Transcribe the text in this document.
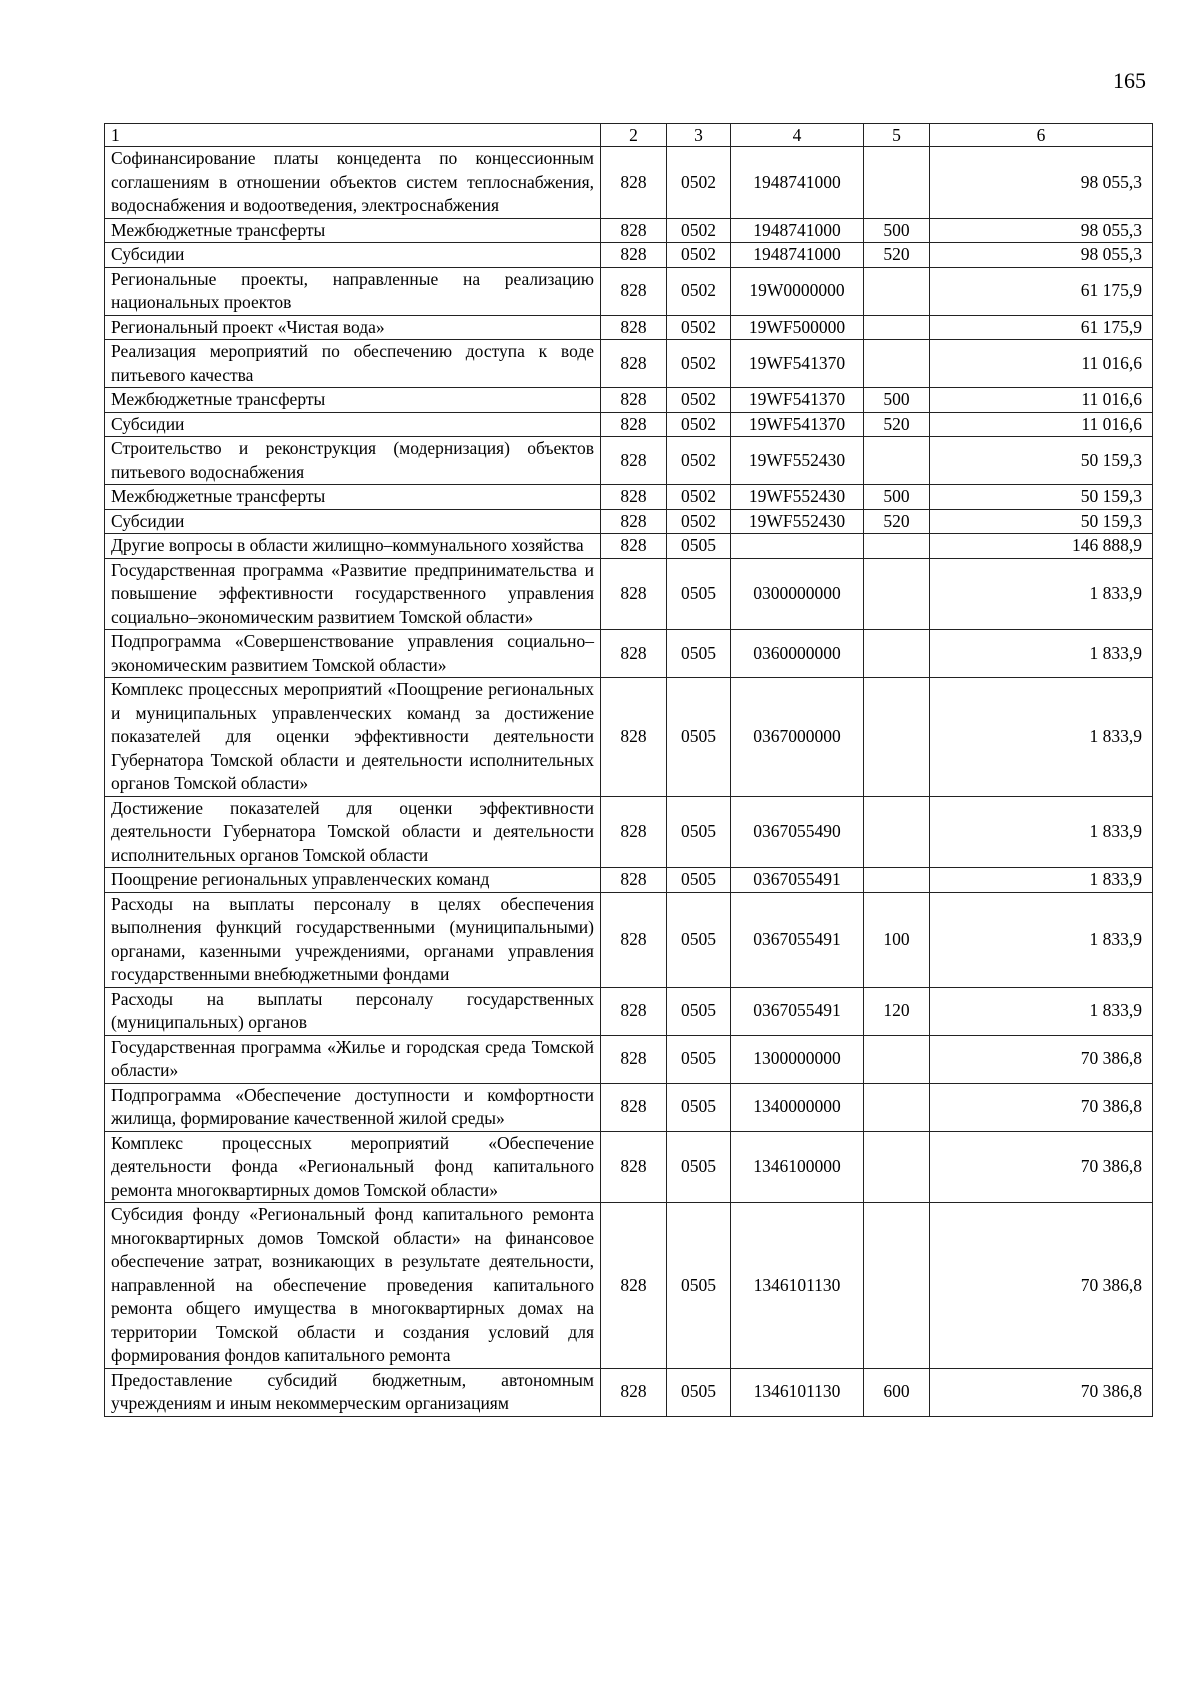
165
1	2	3	4	5	6
Софинансирование платы концедента по концессионным соглашениям в отношении объектов систем теплоснабжения, водоснабжения и водоотведения, электроснабжения	828	0502	1948741000		98 055,3
Межбюджетные трансферты	828	0502	1948741000	500	98 055,3
Субсидии	828	0502	1948741000	520	98 055,3
Региональные проекты, направленные на реализацию национальных проектов	828	0502	19W0000000		61 175,9
Региональный проект «Чистая вода»	828	0502	19WF500000		61 175,9
Реализация мероприятий по обеспечению доступа к воде питьевого качества	828	0502	19WF541370		11 016,6
Межбюджетные трансферты	828	0502	19WF541370	500	11 016,6
Субсидии	828	0502	19WF541370	520	11 016,6
Строительство и реконструкция (модернизация) объектов питьевого водоснабжения	828	0502	19WF552430		50 159,3
Межбюджетные трансферты	828	0502	19WF552430	500	50 159,3
Субсидии	828	0502	19WF552430	520	50 159,3
Другие вопросы в области жилищно–коммунального хозяйства	828	0505			146 888,9
Государственная программа «Развитие предпринимательства и повышение эффективности государственного управления социально–экономическим развитием Томской области»	828	0505	0300000000		1 833,9
Подпрограмма «Совершенствование управления социально–экономическим развитием Томской области»	828	0505	0360000000		1 833,9
Комплекс процессных мероприятий «Поощрение региональных и муниципальных управленческих команд за достижение показателей для оценки эффективности деятельности Губернатора Томской области и деятельности исполнительных органов Томской области»	828	0505	0367000000		1 833,9
Достижение показателей для оценки эффективности деятельности Губернатора Томской области и деятельности исполнительных органов Томской области	828	0505	0367055490		1 833,9
Поощрение региональных управленческих команд	828	0505	0367055491		1 833,9
Расходы на выплаты персоналу в целях обеспечения выполнения функций государственными (муниципальными) органами, казенными учреждениями, органами управления государственными внебюджетными фондами	828	0505	0367055491	100	1 833,9
Расходы на выплаты персоналу государственных (муниципальных) органов	828	0505	0367055491	120	1 833,9
Государственная программа «Жилье и городская среда Томской области»	828	0505	1300000000		70 386,8
Подпрограмма «Обеспечение доступности и комфортности жилища, формирование качественной жилой среды»	828	0505	1340000000		70 386,8
Комплекс процессных мероприятий «Обеспечение деятельности фонда «Региональный фонд капитального ремонта многоквартирных домов Томской области»	828	0505	1346100000		70 386,8
Субсидия фонду «Региональный фонд капитального ремонта многоквартирных домов Томской области» на финансовое обеспечение затрат, возникающих в результате деятельности, направленной на обеспечение проведения капитального ремонта общего имущества в многоквартирных домах на территории Томской области и создания условий для формирования фондов капитального ремонта	828	0505	1346101130		70 386,8
Предоставление субсидий бюджетным, автономным учреждениям и иным некоммерческим организациям	828	0505	1346101130	600	70 386,8
